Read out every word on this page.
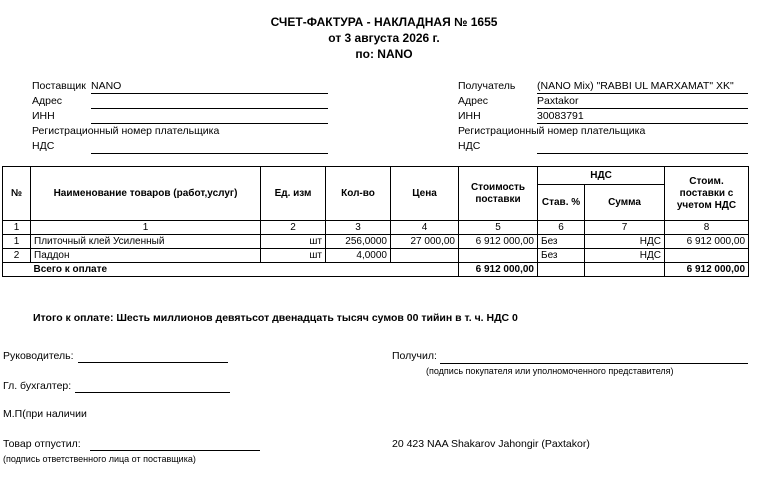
СЧЕТ-ФАКТУРА - НАКЛАДНАЯ № 1655
от 3 августа 2026 г.
по: NANO
Поставщик NANO
Адрес
ИНН
Регистрационный номер плательщика
НДС
Получатель (NANO Mix) "RABBI UL MARXAMAT" XK"
Адрес	Paxtakor
ИНН	30083791
Регистрационный номер плательщика
НДС
№	Наименование товаров (работ,услуг)	Ед. изм	Кол-во	Цена	Стоимость поставки	НДС		Стоим. поставки с учетом НДС
						Став. %	Сумма	
1	1	2	3	4	5	6	7	8
1	Плиточный клей Усиленный	шт	256,0000	27 000,00	6 912 000,00	Без	НДС	6 912 000,00
2	Паддон	шт	4,0000			Без	НДС	
	Всего к оплате				6 912 000,00			6 912 000,00
Итого к оплате: Шесть миллионов девятьсот двенадцать тысяч сумов 00 тийин в т. ч. НДС 0
Руководитель:
Гл. бухгалтер:
М.П(при наличии
Товар отпустил:
(подпись ответственного лица от поставщика)
Получил:
(подпись покупателя или уполномоченного представителя)
20 423 NAA Shakarov Jahongir (Paxtakor)
